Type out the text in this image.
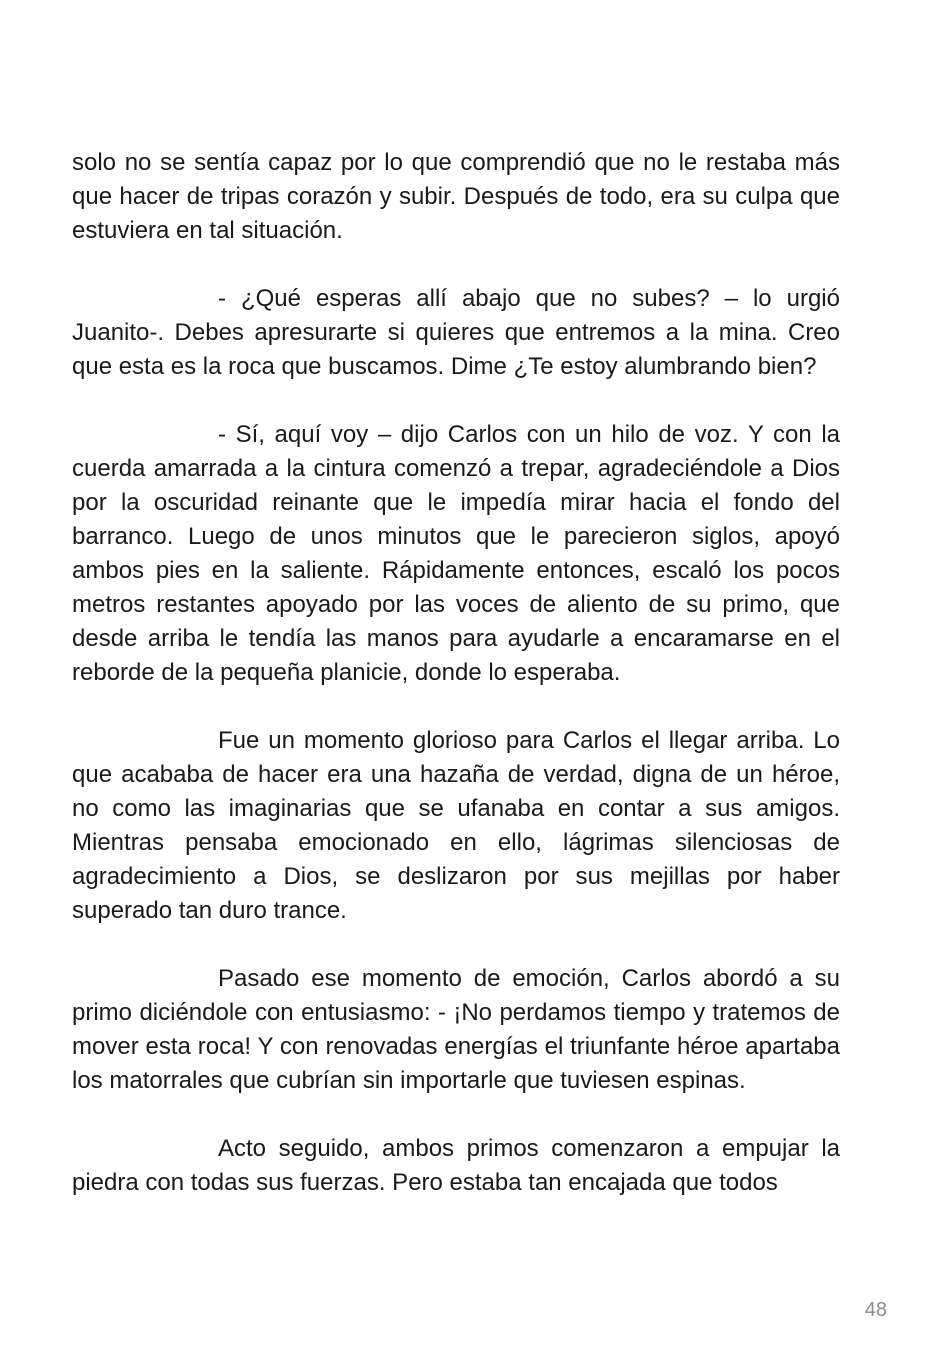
solo no se sentía capaz por lo que comprendió que no le restaba más que hacer de tripas corazón y subir. Después de todo, era su culpa que estuviera en tal situación.

- ¿Qué esperas allí abajo que no subes? – lo urgió Juanito-. Debes apresurarte si quieres que entremos a la mina. Creo que esta es la roca que buscamos. Dime ¿Te estoy alumbrando bien?

- Sí, aquí voy – dijo Carlos con un hilo de voz. Y con la cuerda amarrada a la cintura comenzó a trepar, agradeciéndole a Dios por la oscuridad reinante que le impedía mirar hacia el fondo del barranco. Luego de unos minutos que le parecieron siglos, apoyó ambos pies en la saliente. Rápidamente entonces, escaló los pocos metros restantes apoyado por las voces de aliento de su primo, que desde arriba le tendía las manos para ayudarle a encaramarse en el reborde de la pequeña planicie, donde lo esperaba.

Fue un momento glorioso para Carlos el llegar arriba. Lo que acababa de hacer era una hazaña de verdad, digna de un héroe, no como las imaginarias que se ufanaba en contar a sus amigos. Mientras pensaba emocionado en ello, lágrimas silenciosas de agradecimiento a Dios, se deslizaron por sus mejillas por haber superado tan duro trance.

Pasado ese momento de emoción, Carlos abordó a su primo diciéndole con entusiasmo: - ¡No perdamos tiempo y tratemos de mover esta roca! Y con renovadas energías el triunfante héroe apartaba los matorrales que cubrían sin importarle que tuviesen espinas.

Acto seguido, ambos primos comenzaron a empujar la piedra con todas sus fuerzas. Pero estaba tan encajada que todos

48
